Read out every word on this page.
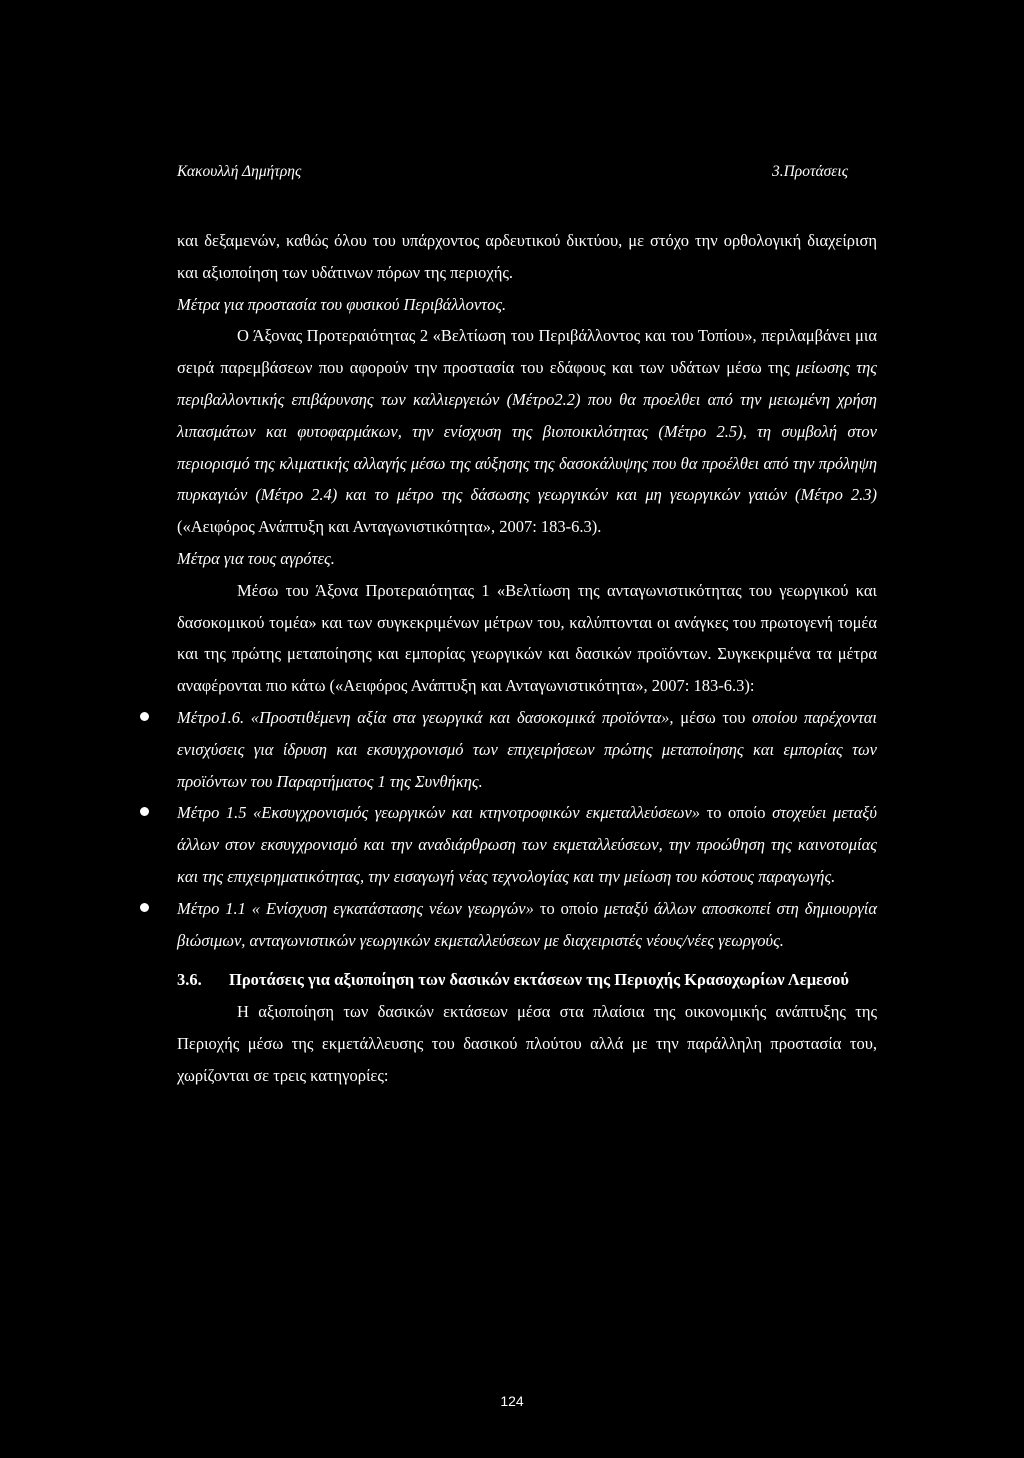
Κακουλλή Δημήτρης	3.Προτάσεις

και δεξαμενών, καθώς όλου του υπάρχοντος αρδευτικού δικτύου, με στόχο την ορθολογική διαχείριση και αξιοποίηση των υδάτινων πόρων της περιοχής.

Μέτρα για προστασία του φυσικού Περιβάλλοντος.

Ο Άξονας Προτεραιότητας 2 «Βελτίωση του Περιβάλλοντος και του Τοπίου», περιλαμβάνει μια σειρά παρεμβάσεων που αφορούν την προστασία του εδάφους και των υδάτων μέσω της μείωσης της περιβαλλοντικής επιβάρυνσης των καλλιεργειών (Μέτρο2.2) που θα προελθει από την μειωμένη χρήση λιπασμάτων και φυτοφαρμάκων, την ενίσχυση της βιοποικιλότητας (Μέτρο 2.5), τη συμβολή στον περιορισμό της κλιματικής αλλαγής μέσω της αύξησης της δασοκάλυψης που θα προέλθει από την πρόληψη πυρκαγιών (Μέτρο 2.4) και το μέτρο της δάσωσης γεωργικών και μη γεωργικών γαιών (Μέτρο 2.3) («Αειφόρος Ανάπτυξη και Ανταγωνιστικότητα», 2007: 183-6.3).

Μέτρα για τους αγρότες.

Μέσω του Άξονα Προτεραιότητας 1 «Βελτίωση της ανταγωνιστικότητας του γεωργικού και δασοκομικού τομέα» και των συγκεκριμένων μέτρων του, καλύπτονται οι ανάγκες του πρωτογενή τομέα και της πρώτης μεταποίησης και εμπορίας γεωργικών και δασικών προϊόντων. Συγκεκριμένα τα μέτρα αναφέρονται πιο κάτω («Αειφόρος Ανάπτυξη και Ανταγωνιστικότητα», 2007: 183-6.3):

Μέτρο1.6. «Προστιθέμενη αξία στα γεωργικά και δασοκομικά προϊόντα», μέσω του οποίου παρέχονται ενισχύσεις για ίδρυση και εκσυγχρονισμό των επιχειρήσεων πρώτης μεταποίησης και εμπορίας των προϊόντων του Παραρτήματος 1 της Συνθήκης.

Μέτρο 1.5 «Εκσυγχρονισμός γεωργικών και κτηνοτροφικών εκμεταλλεύσεων» το οποίο στοχεύει μεταξύ άλλων στον εκσυγχρονισμό και την αναδιάρθρωση των εκμεταλλεύσεων, την προώθηση της καινοτομίας και της επιχειρηματικότητας, την εισαγωγή νέας τεχνολογίας και την μείωση του κόστους παραγωγής.

Μέτρο 1.1 « Ενίσχυση εγκατάστασης νέων γεωργών» το οποίο μεταξύ άλλων αποσκοπεί στη δημιουργία βιώσιμων, ανταγωνιστικών γεωργικών εκμεταλλεύσεων με διαχειριστές νέους/νέες γεωργούς.

3.6. Προτάσεις για αξιοποίηση των δασικών εκτάσεων της Περιοχής Κρασοχωρίων Λεμεσού

Η αξιοποίηση των δασικών εκτάσεων μέσα στα πλαίσια της οικονομικής ανάπτυξης της Περιοχής μέσω της εκμετάλλευσης του δασικού πλούτου αλλά με την παράλληλη προστασία του, χωρίζονται σε τρεις κατηγορίες:

124
